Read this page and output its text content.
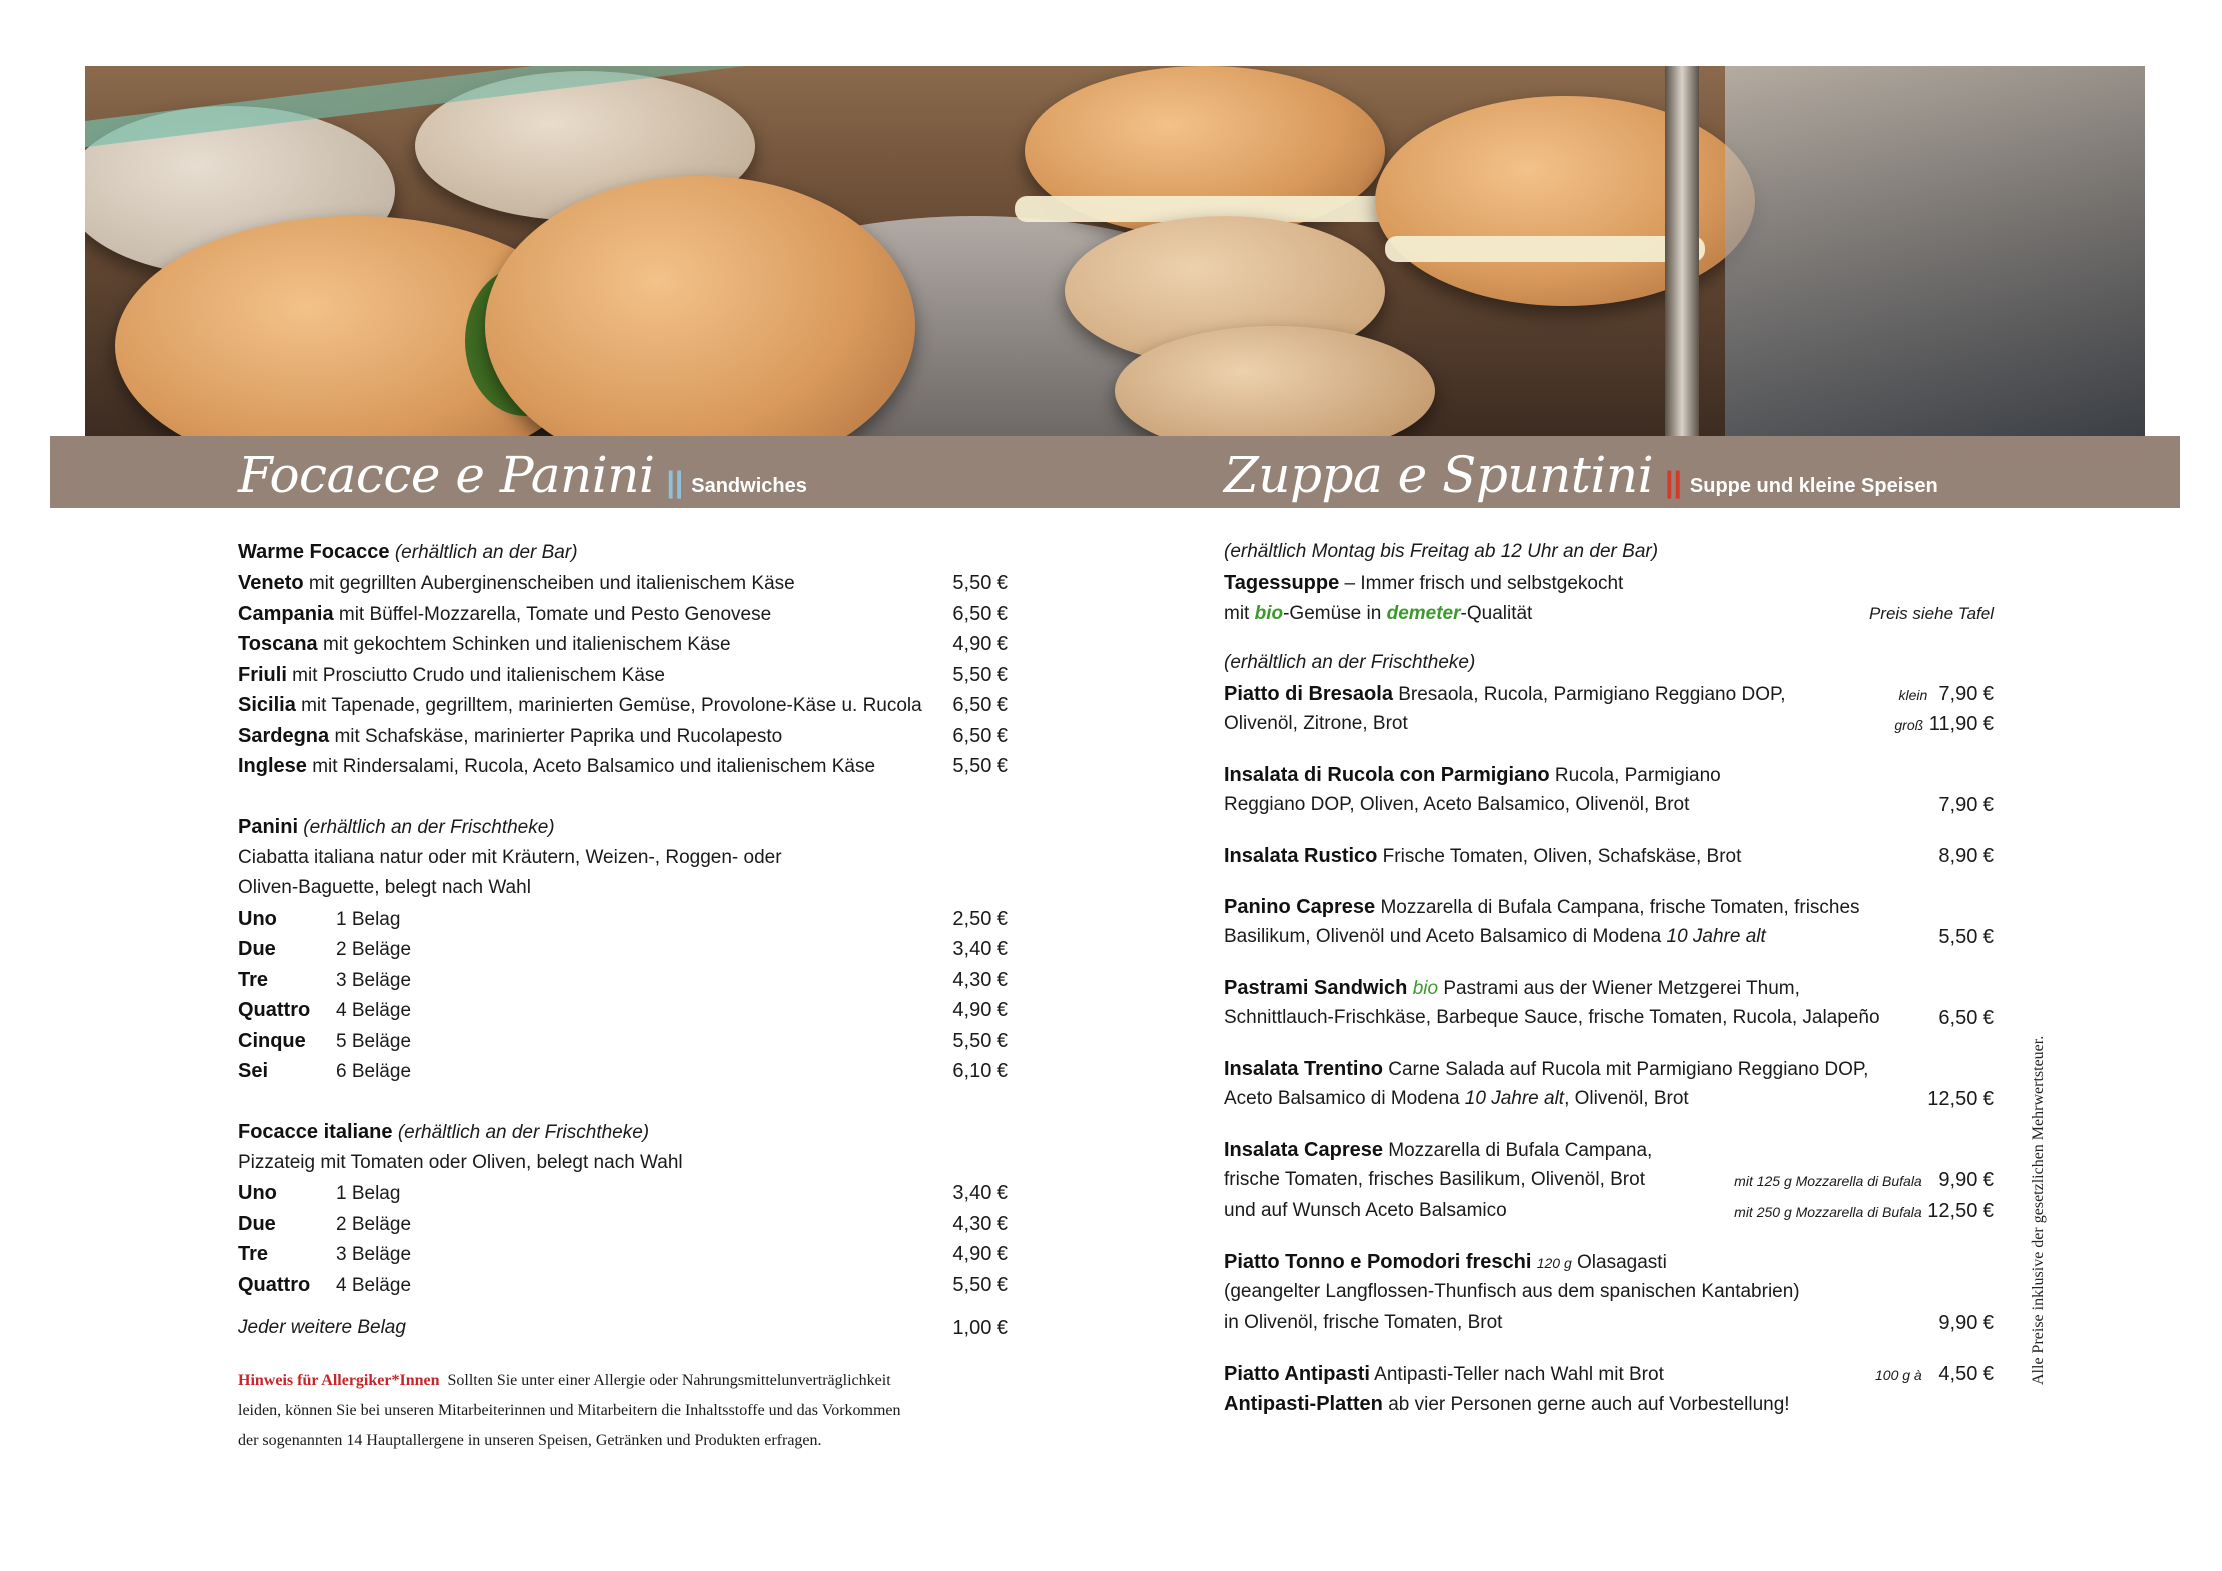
Focacce e Panini || Sandwiches	Zuppa e Spuntini || Suppe und kleine Speisen
Warme Focacce (erhältlich an der Bar)
Veneto mit gegrillten Auberginenscheiben und italienischem Käse	5,50 €
Campania mit Büffel-Mozzarella, Tomate und Pesto Genovese	6,50 €
Toscana mit gekochtem Schinken und italienischem Käse	4,90 €
Friuli mit Prosciutto Crudo und italienischem Käse	5,50 €
Sicilia mit Tapenade, gegrilltem, marinierten Gemüse, Provolone-Käse u. Rucola 6,50 €
Sardegna mit Schafskäse, marinierter Paprika und Rucolapesto	6,50 €
Inglese mit Rindersalami, Rucola, Aceto Balsamico und italienischem Käse	5,50 €
Panini (erhältlich an der Frischtheke)
Ciabatta italiana natur oder mit Kräutern, Weizen-, Roggen- oder
Oliven-Baguette, belegt nach Wahl
Uno	1 Belag	2,50 €
Due	2 Beläge	3,40 €
Tre	3 Beläge	4,30 €
Quattro 4 Beläge	4,90 €
Cinque 5 Beläge	5,50 €
Sei	6 Beläge	6,10 €
Focacce italiane (erhältlich an der Frischtheke)
Pizzateig mit Tomaten oder Oliven, belegt nach Wahl
Uno	1 Belag	3,40 €
Due	2 Beläge	4,30 €
Tre	3 Beläge	4,90 €
Quattro 4 Beläge	5,50 €
Jeder weitere Belag	1,00 €
Hinweis für Allergiker*Innen Sollten Sie unter einer Allergie oder Nahrungsmittelunverträglichkeit
leiden, können Sie bei unseren Mitarbeiterinnen und Mitarbeitern die Inhaltsstoffe und das Vorkommen
der sogenannten 14 Hauptallergene in unseren Speisen, Getränken und Produkten erfragen.
(erhältlich Montag bis Freitag ab 12 Uhr an der Bar)
Tagessuppe – Immer frisch und selbstgekocht
mit bio-Gemüse in demeter-Qualität	Preis siehe Tafel
(erhältlich an der Frischtheke)
Piatto di Bresaola Bresaola, Rucola, Parmigiano Reggiano DOP,	klein 7,90 €
Olivenöl, Zitrone, Brot	groß 11,90 €
Insalata di Rucola con Parmigiano Rucola, Parmigiano
Reggiano DOP, Oliven, Aceto Balsamico, Olivenöl, Brot	7,90 €
Insalata Rustico Frische Tomaten, Oliven, Schafskäse, Brot	8,90 €
Panino Caprese Mozzarella di Bufala Campana, frische Tomaten, frisches
Basilikum, Olivenöl und Aceto Balsamico di Modena 10 Jahre alt	5,50 €
Pastrami Sandwich bio Pastrami aus der Wiener Metzgerei Thum,
Schnittlauch-Frischkäse, Barbeque Sauce, frische Tomaten, Rucola, Jalapeño	6,50 €
Insalata Trentino Carne Salada auf Rucola mit Parmigiano Reggiano DOP,
Aceto Balsamico di Modena 10 Jahre alt, Olivenöl, Brot	12,50 €
Insalata Caprese Mozzarella di Bufala Campana,
frische Tomaten, frisches Basilikum, Olivenöl, Brot	mit 125 g Mozzarella di Bufala 9,90 €
und auf Wunsch Aceto Balsamico	mit 250 g Mozzarella di Bufala 12,50 €
Piatto Tonno e Pomodori freschi 120 g Olasagasti
(geangelter Langflossen-Thunfisch aus dem spanischen Kantabrien)
in Olivenöl, frische Tomaten, Brot	9,90 €
Piatto Antipasti Antipasti-Teller nach Wahl mit Brot	100 g à 4,50 €
Antipasti-Platten ab vier Personen gerne auch auf Vorbestellung!
Alle Preise inklusive der gesetzlichen Mehrwertsteuer.
